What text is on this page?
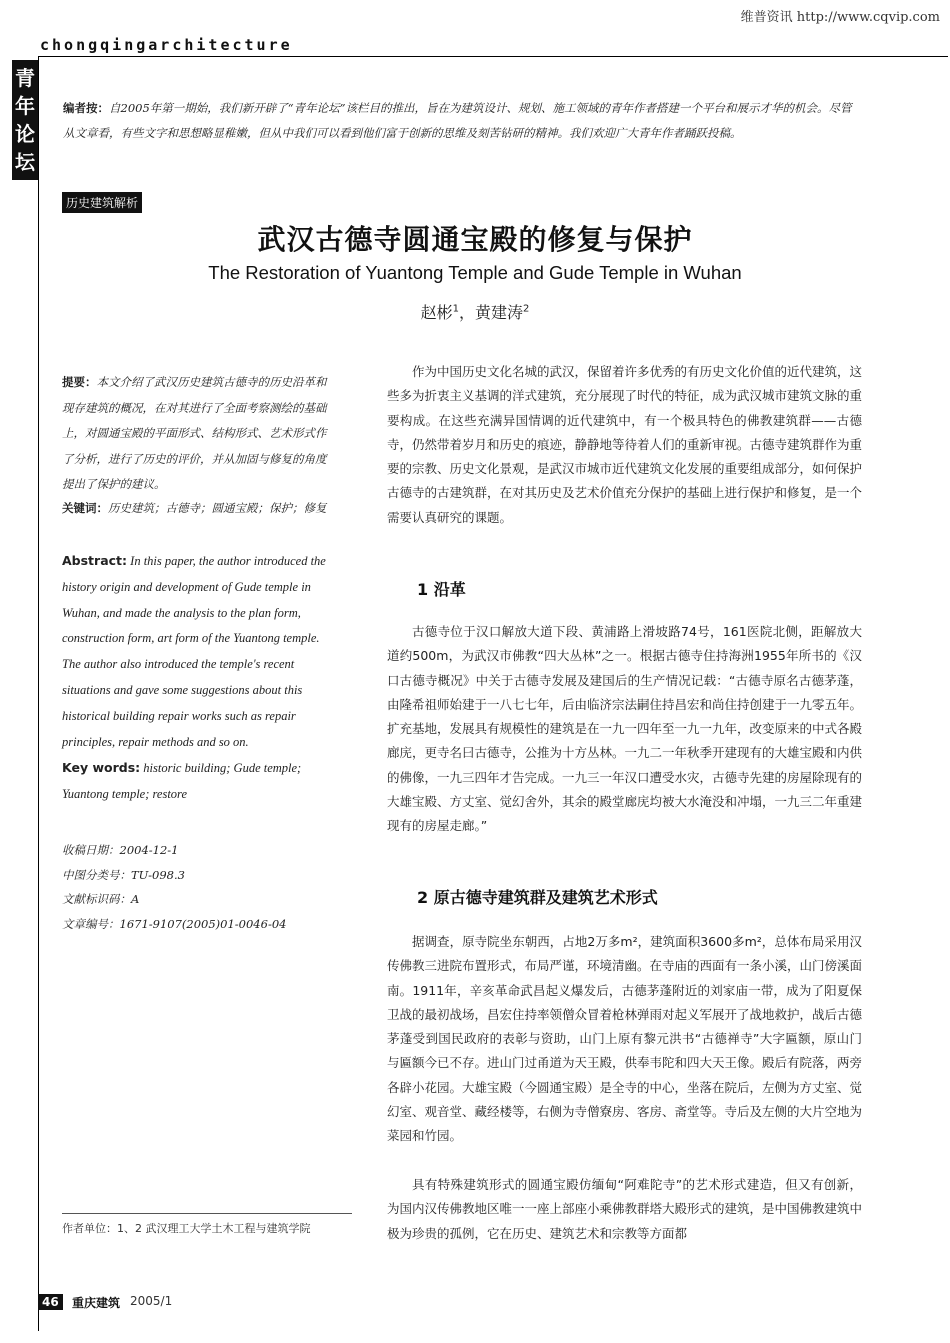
维普资讯 http://www.cqvip.com
chongqingarchitecture
青
年
论
坛
编者按：自2005年第一期始，我们新开辟了“青年论坛”该栏目的推出，旨在为建筑设计、规划、施工领域的青年作者搭建一个平台和展示才华的机会。尽管从文章看，有些文字和思想略显稚嫩，但从中我们可以看到他们富于创新的思维及刻苦钻研的精神。我们欢迎广大青年作者踊跃投稿。
历史建筑解析
武汉古德寺圆通宝殿的修复与保护
The Restoration of Yuantong Temple and Gude Temple in Wuhan
赵彬$^1$，黄建涛$^2$
提要：本文介绍了武汉历史建筑古德寺的历史沿革和现存建筑的概况，在对其进行了全面考察测绘的基础上，对圆通宝殿的平面形式、结构形式、艺术形式作了分析，进行了历史的评价，并从加固与修复的角度提出了保护的建议。
关键词：历史建筑；古德寺；圆通宝殿；保护；修复
Abstract: In this paper, the author introduced the history origin and development of Gude temple in Wuhan, and made the analysis to the plan form, construction form, art form of the Yuantong temple. The author also introduced the temple's recent situations and gave some suggestions about this historical building repair works such as repair principles, repair methods and so on.
Key words: historic building; Gude temple; Yuantong temple; restore
收稿日期：2004-12-1
中图分类号：TU-098.3
文献标识码：A
文章编号：1671-9107(2005)01-0046-04
作者单位：1、2 武汉理工大学土木工程与建筑学院

作为中国历史文化名城的武汉，保留着许多优秀的有历史文化价值的近代建筑，这些多为折衷主义基调的洋式建筑，充分展现了时代的特征，成为武汉城市建筑文脉的重要构成。在这些充满异国情调的近代建筑中，有一个极具特色的佛教建筑群——古德寺，仍然带着岁月和历史的痕迹，静静地等待着人们的重新审视。古德寺建筑群作为重要的宗教、历史文化景观，是武汉市城市近代建筑文化发展的重要组成部分，如何保护古德寺的古建筑群，在对其历史及艺术价值充分保护的基础上进行保护和修复，是一个需要认真研究的课题。

1 沿革

古德寺位于汉口解放大道下段、黄浦路上滑坡路74号，161医院北侧，距解放大道约500m，为武汉市佛教“四大丛林”之一。根据古德寺住持海洲1955年所书的《汉口古德寺概况》中关于古德寺发展及建国后的生产情况记载：“古德寺原名古德茅蓬，由隆希祖师始建于一八七七年，后由临济宗法嗣住持昌宏和尚住持创建于一九零五年。扩充基地，发展具有规模性的建筑是在一九一四年至一九一九年，改变原来的中式各殿廊庑，更寺名曰古德寺，公推为十方丛林。一九二一年秋季开建现有的大雄宝殿和内供的佛像，一九三四年才告完成。一九三一年汉口遭受水灾，古德寺先建的房屋除现有的大雄宝殿、方丈室、觉幻舍外，其余的殿堂廊庑均被大水淹没和冲塌，一九三二年重建现有的房屋走廊。”

2 原古德寺建筑群及建筑艺术形式

据调查，原寺院坐东朝西，占地2万多m²，建筑面积3600多m²，总体布局采用汉传佛教三进院布置形式，布局严谨，环境清幽。在寺庙的西面有一条小溪，山门傍溪面南。1911年，辛亥革命武昌起义爆发后，古德茅蓬附近的刘家庙一带，成为了阳夏保卫战的最初战场，昌宏住持率领僧众冒着枪林弹雨对起义军展开了战地救护，战后古德茅蓬受到国民政府的表彰与资助，山门上原有黎元洪书“古德禅寺”大字匾额，原山门与匾额今已不存。进山门过甬道为天王殿，供奉韦陀和四大天王像。殿后有院落，两旁各辟小花园。大雄宝殿（今圆通宝殿）是全寺的中心，坐落在院后，左侧为方丈室、觉幻室、观音堂、藏经楼等，右侧为寺僧寮房、客房、斋堂等。寺后及左侧的大片空地为菜园和竹园。

具有特殊建筑形式的圆通宝殿仿缅甸“阿难陀寺”的艺术形式建造，但又有创新，为国内汉传佛教地区唯一一座上部座小乘佛教群塔大殿形式的建筑，是中国佛教建筑中极为珍贵的孤例，它在历史、建筑艺术和宗教等方面都

46	重庆建筑 2005/1
